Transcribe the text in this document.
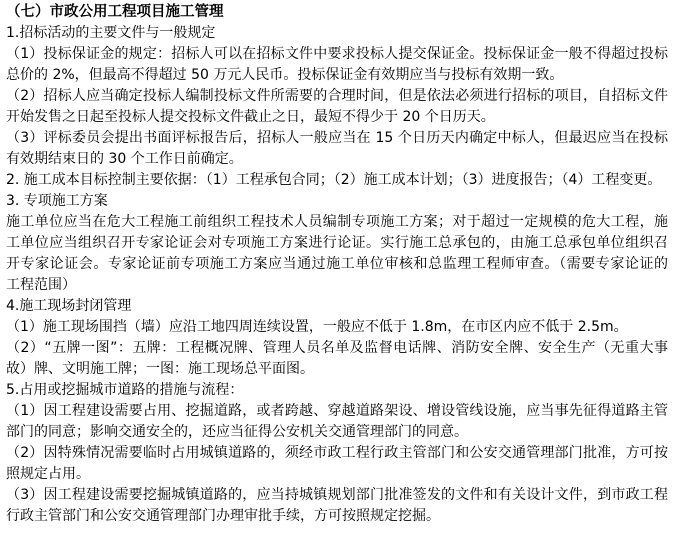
（七）市政公用工程项目施工管理
1.招标活动的主要文件与一般规定
（1）投标保证金的规定：招标人可以在招标文件中要求投标人提交保证金。投标保证金一般不得超过投标
总价的 2%，但最高不得超过 50 万元人民币。投标保证金有效期应当与投标有效期一致。
（2）招标人应当确定投标人编制投标文件所需要的合理时间，但是依法必须进行招标的项目，自招标文件
开始发售之日起至投标人提交投标文件截止之日，最短不得少于 20 个日历天。
（3）评标委员会提出书面评标报告后，招标人一般应当在 15 个日历天内确定中标人，但最迟应当在投标
有效期结束日的 30 个工作日前确定。
2. 施工成本目标控制主要依据：（1）工程承包合同；（2）施工成本计划；（3）进度报告；（4）工程变更。
3. 专项施工方案
施工单位应当在危大工程施工前组织工程技术人员编制专项施工方案；对于超过一定规模的危大工程，施
工单位应当组织召开专家论证会对专项施工方案进行论证。实行施工总承包的，由施工总承包单位组织召
开专家论证会。专家论证前专项施工方案应当通过施工单位审核和总监理工程师审查。（需要专家论证的
工程范围）
4.施工现场封闭管理
（1）施工现场围挡（墙）应沿工地四周连续设置，一般应不低于 1.8m，在市区内应不低于 2.5m。
（2）“五牌一图”：五牌：工程概况牌、管理人员名单及监督电话牌、消防安全牌、安全生产（无重大事
故）牌、文明施工牌；一图：施工现场总平面图。
5.占用或挖掘城市道路的措施与流程：
（1）因工程建设需要占用、挖掘道路，或者跨越、穿越道路架设、增设管线设施，应当事先征得道路主管
部门的同意；影响交通安全的，还应当征得公安机关交通管理部门的同意。
（2）因特殊情况需要临时占用城镇道路的，须经市政工程行政主管部门和公安交通管理部门批准，方可按
照规定占用。
（3）因工程建设需要挖掘城镇道路的，应当持城镇规划部门批准签发的文件和有关设计文件，到市政工程
行政主管部门和公安交通管理部门办理审批手续，方可按照规定挖掘。
